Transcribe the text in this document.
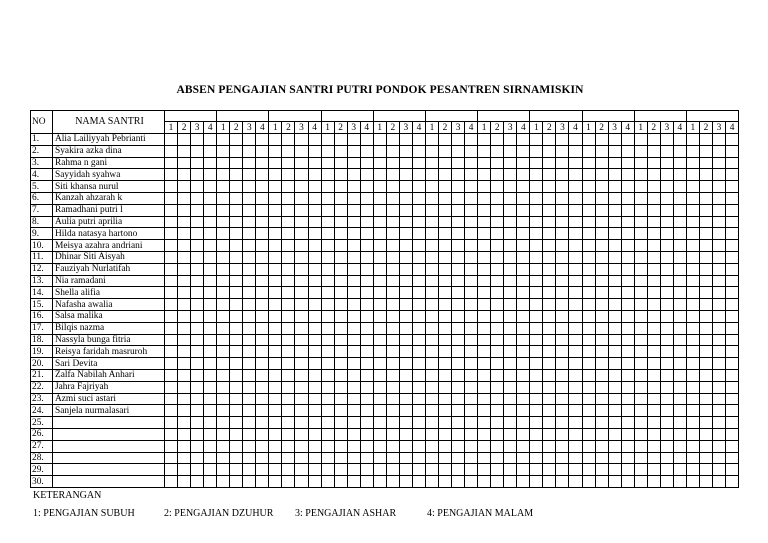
ABSEN PENGAJIAN SANTRI PUTRI PONDOK PESANTREN SIRNAMISKIN
NO	NAMA SANTRI																																												
		1	2	3	4	1	2	3	4	1	2	3	4	1	2	3	4	1	2	3	4	1	2	3	4	1	2	3	4	1	2	3	4	1	2	3	4	1	2	3	4	1	2	3	4
1.	Alia Lailiyyah Pebrianti																																												
2.	Syakira azka dina																																												
3.	Rahma n gani																																												
4.	Sayyidah syahwa																																												
5.	Siti khansa nurul																																												
6.	Kanzah ahzarah k																																												
7.	Ramadhani putri l																																												
8.	Aulia putri aprilia																																												
9.	Hilda natasya hartono																																												
10.	Meisya azahra andriani																																												
11.	Dhinar Siti Aisyah																																												
12.	Fauziyah Nurlatifah																																												
13.	Nia ramadani																																												
14.	Shella alifia																																												
15.	Nafasha awalia																																												
16.	Salsa malika																																												
17.	Bilqis nazma																																												
18.	Nassyla bunga fitria																																												
19.	Reisya faridah masruroh																																												
20.	Sari Devita																																												
21.	Zalfa Nabilah Anhari																																												
22.	Jahra Fajriyah																																												
23.	Azmi suci astari																																												
24.	Sanjela nurmalasari																																												
25.																																													
26.																																													
27.																																													
28.																																													
29.																																													
30.																																													
KETERANGAN
1: PENGAJIAN SUBUH	2: PENGAJIAN DZUHUR 3: PENGAJIAN ASHAR	4: PENGAJIAN MALAM
